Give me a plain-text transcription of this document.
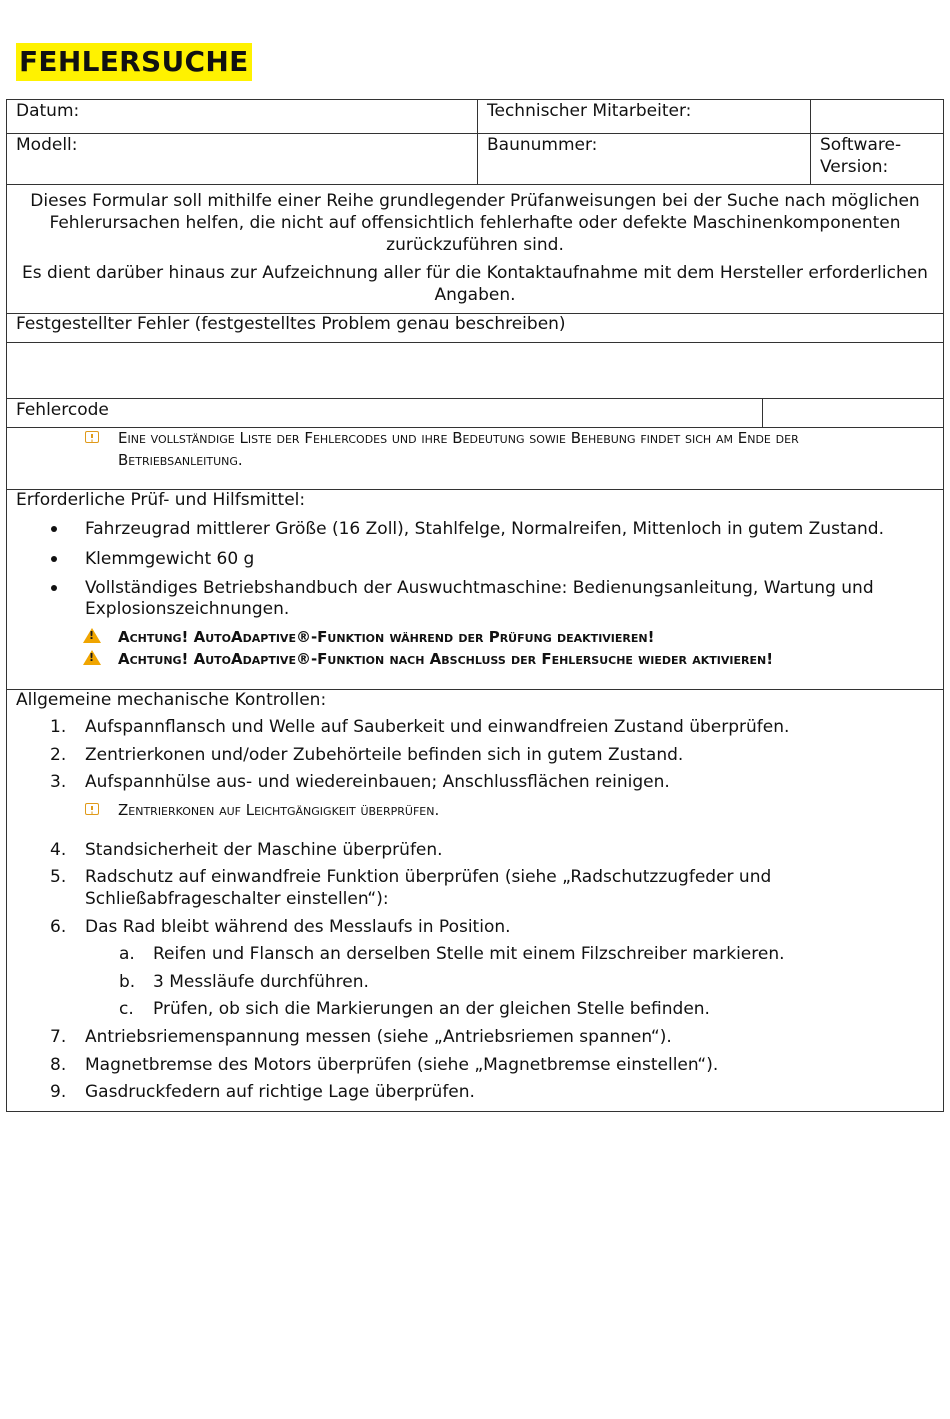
FEHLERSUCHE
Datum:	Technischer Mitarbeiter:
Modell:	Baunummer:	Software-
Version:
Dieses Formular soll mithilfe einer Reihe grundlegender Prüfanweisungen bei der Suche nach möglichen
Fehlerursachen helfen, die nicht auf offensichtlich fehlerhafte oder defekte Maschinenkomponenten
zurückzuführen sind.
Es dient darüber hinaus zur Aufzeichnung aller für die Kontaktaufnahme mit dem Hersteller erforderlichen
Angaben.
Festgestellter Fehler (festgestelltes Problem genau beschreiben)
Fehlercode
Eine vollständige Liste der Fehlercodes und ihre Bedeutung sowie Behebung findet sich am Ende der
Betriebsanleitung.
Erforderliche Prüf- und Hilfsmittel:
Fahrzeugrad mittlerer Größe (16 Zoll), Stahlfelge, Normalreifen, Mittenloch in gutem Zustand.
Klemmgewicht 60 g
Vollständiges Betriebshandbuch der Auswuchtmaschine: Bedienungsanleitung, Wartung und
Explosionszeichnungen.
!
Achtung! AutoAdaptive®-Funktion während der Prüfung deaktivieren!
!
Achtung! AutoAdaptive®-Funktion nach Abschluss der Fehlersuche wieder aktivieren!
Allgemeine mechanische Kontrollen:
1. Aufspannflansch und Welle auf Sauberkeit und einwandfreien Zustand überprüfen.
2. Zentrierkonen und/oder Zubehörteile befinden sich in gutem Zustand.
3. Aufspannhülse aus- und wiedereinbauen; Anschlussflächen reinigen.
Zentrierkonen auf Leichtgängigkeit überprüfen.
4. Standsicherheit der Maschine überprüfen.
5. Radschutz auf einwandfreie Funktion überprüfen (siehe „Radschutzzugfeder und
Schließabfrageschalter einstellen“):
6. Das Rad bleibt während des Messlaufs in Position.
a. Reifen und Flansch an derselben Stelle mit einem Filzschreiber markieren.
b. 3 Messläufe durchführen.
c. Prüfen, ob sich die Markierungen an der gleichen Stelle befinden.
7. Antriebsriemenspannung messen (siehe „Antriebsriemen spannen“).
8. Magnetbremse des Motors überprüfen (siehe „Magnetbremse einstellen“).
9. Gasdruckfedern auf richtige Lage überprüfen.
